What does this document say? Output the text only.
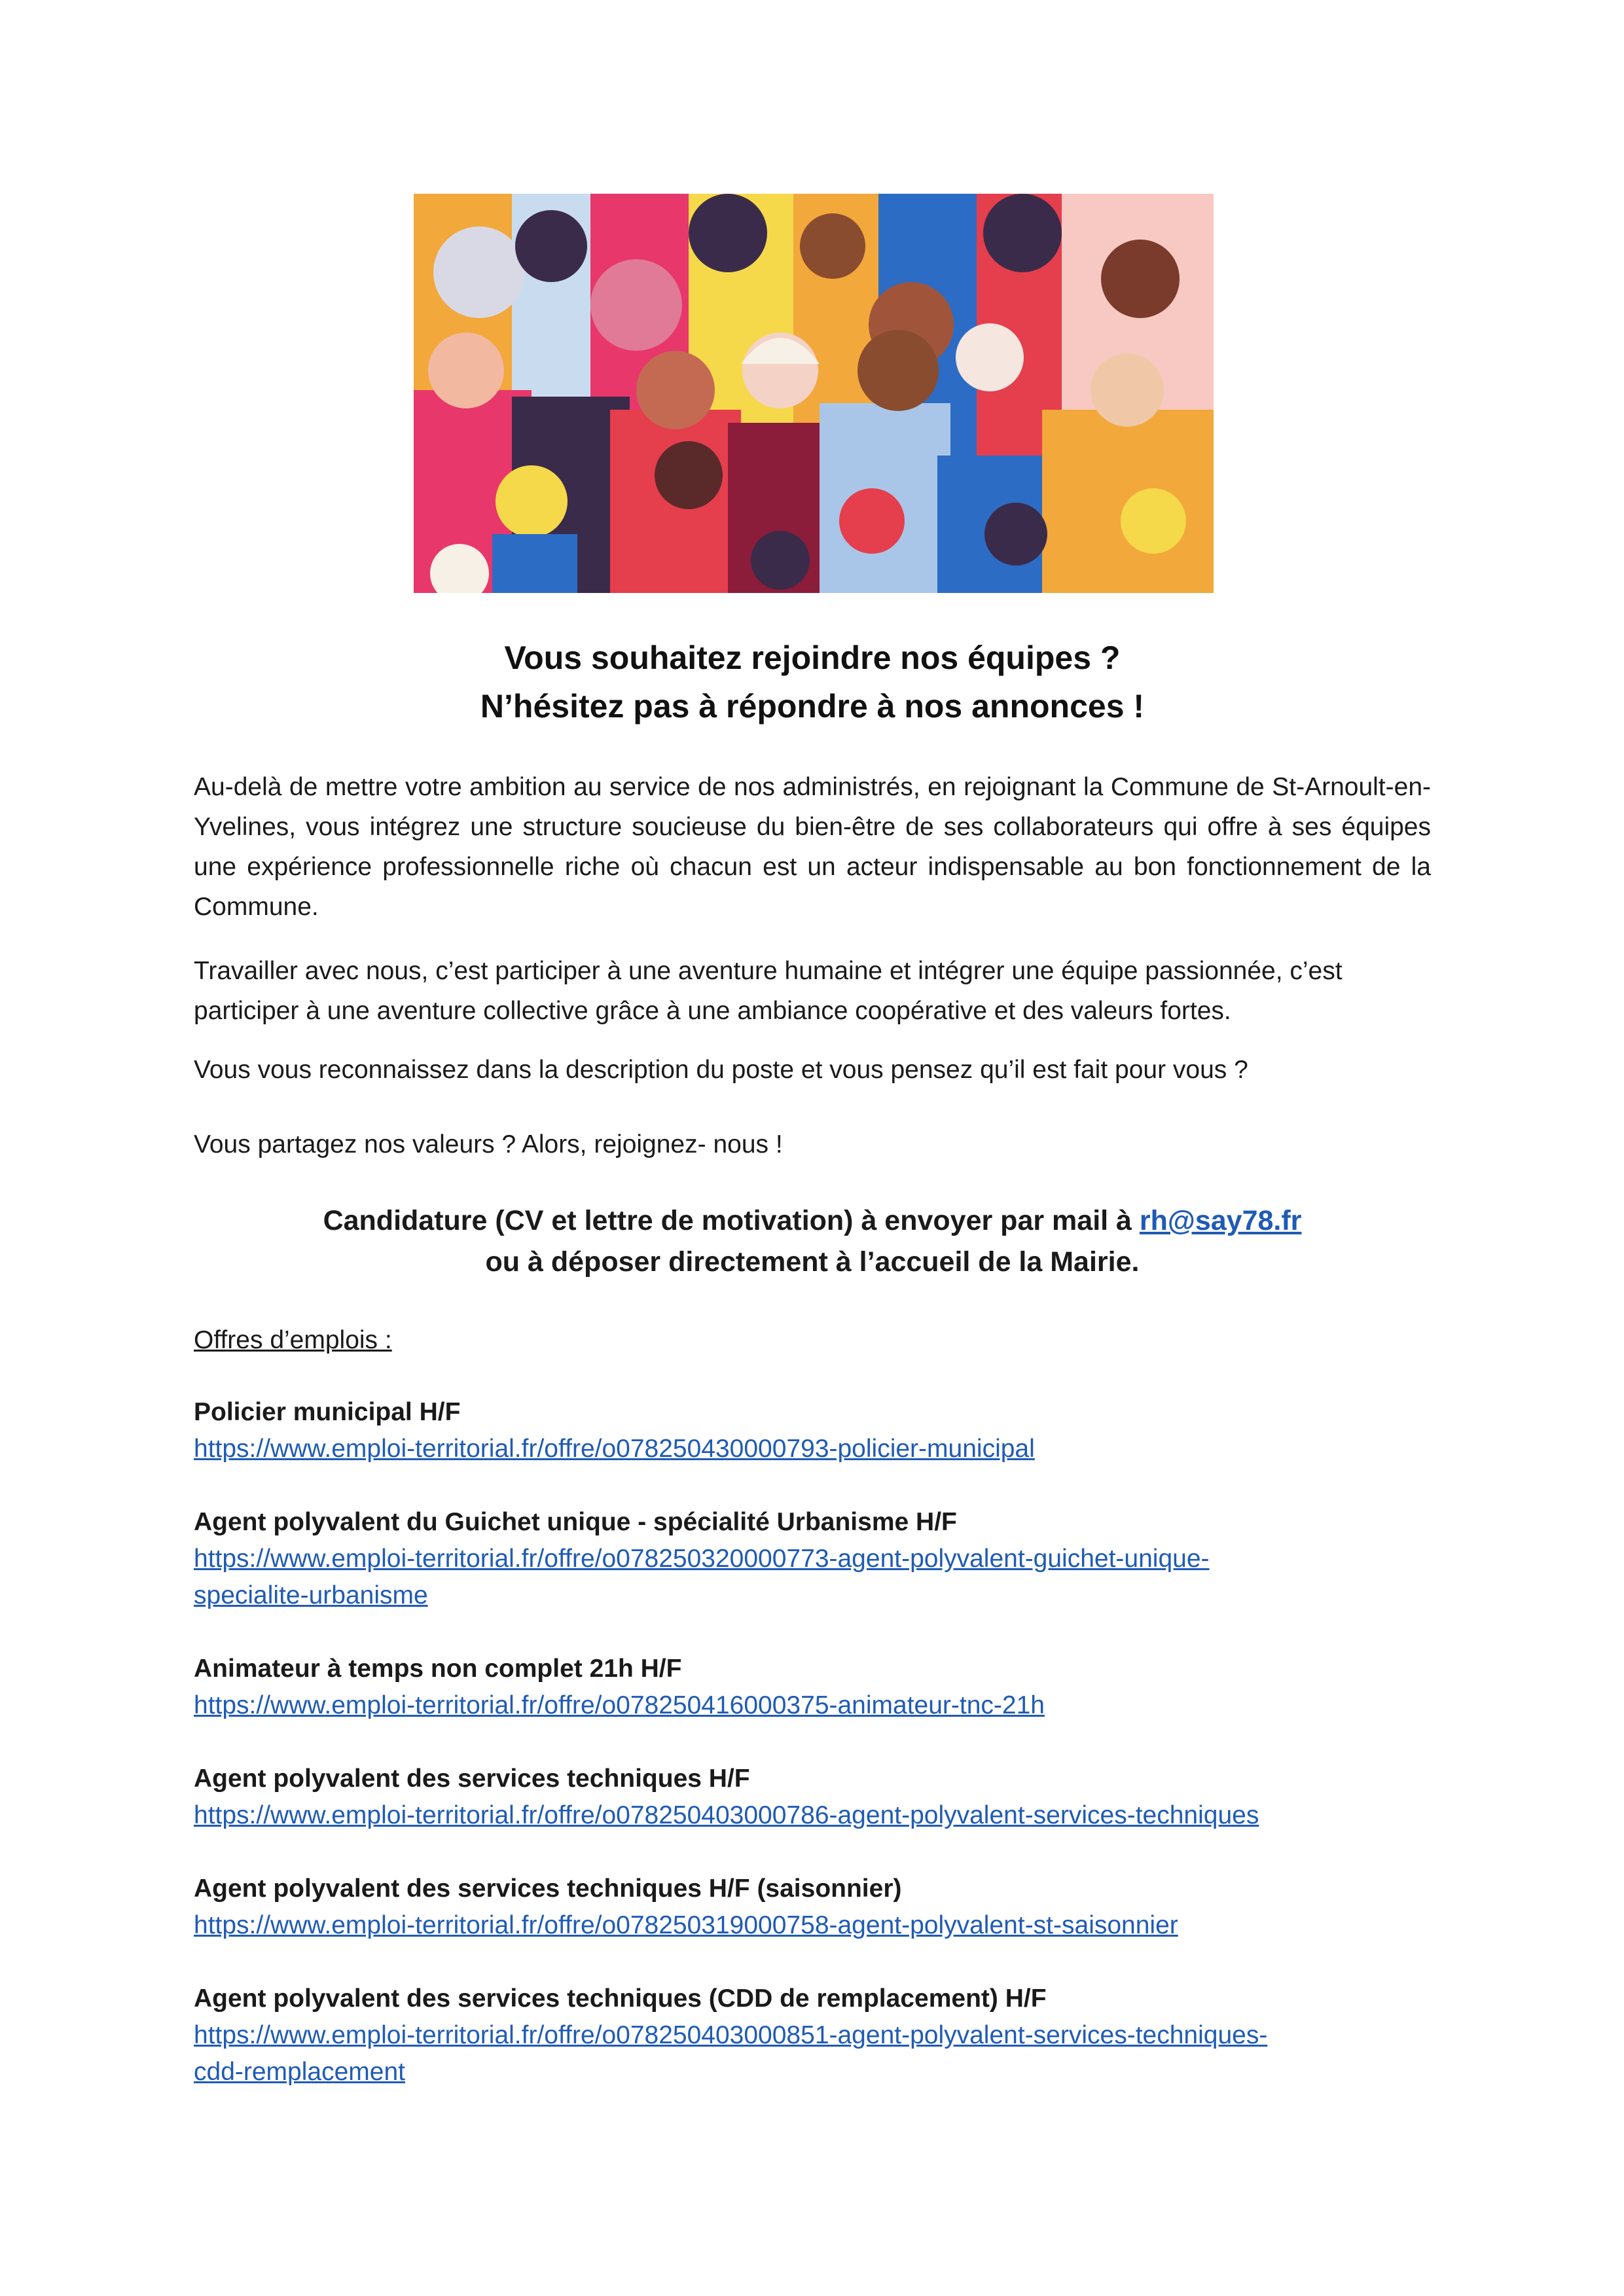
Vous souhaitez rejoindre nos équipes ?
N’hésitez pas à répondre à nos annonces !
Au-delà de mettre votre ambition au service de nos administrés, en rejoignant la Commune de St-Arnoult-en-Yvelines, vous intégrez une structure soucieuse du bien-être de ses collaborateurs qui offre à ses équipes une expérience professionnelle riche où chacun est un acteur indispensable au bon fonctionnement de la Commune.
Travailler avec nous, c’est participer à une aventure humaine et intégrer une équipe passionnée, c’est participer à une aventure collective grâce à une ambiance coopérative et des valeurs fortes.
Vous vous reconnaissez dans la description du poste et vous pensez qu’il est fait pour vous ?
Vous partagez nos valeurs ? Alors, rejoignez- nous !
Candidature (CV et lettre de motivation) à envoyer par mail à rh@say78.fr
ou à déposer directement à l’accueil de la Mairie.
Offres d’emplois :
Policier municipal H/F
https://www.emploi-territorial.fr/offre/o078250430000793-policier-municipal
Agent polyvalent du Guichet unique - spécialité Urbanisme H/F
https://www.emploi-territorial.fr/offre/o078250320000773-agent-polyvalent-guichet-unique-
specialite-urbanisme
Animateur à temps non complet 21h H/F
https://www.emploi-territorial.fr/offre/o078250416000375-animateur-tnc-21h
Agent polyvalent des services techniques H/F
https://www.emploi-territorial.fr/offre/o078250403000786-agent-polyvalent-services-techniques
Agent polyvalent des services techniques H/F (saisonnier)
https://www.emploi-territorial.fr/offre/o078250319000758-agent-polyvalent-st-saisonnier
Agent polyvalent des services techniques (CDD de remplacement) H/F
https://www.emploi-territorial.fr/offre/o078250403000851-agent-polyvalent-services-techniques-
cdd-remplacement
